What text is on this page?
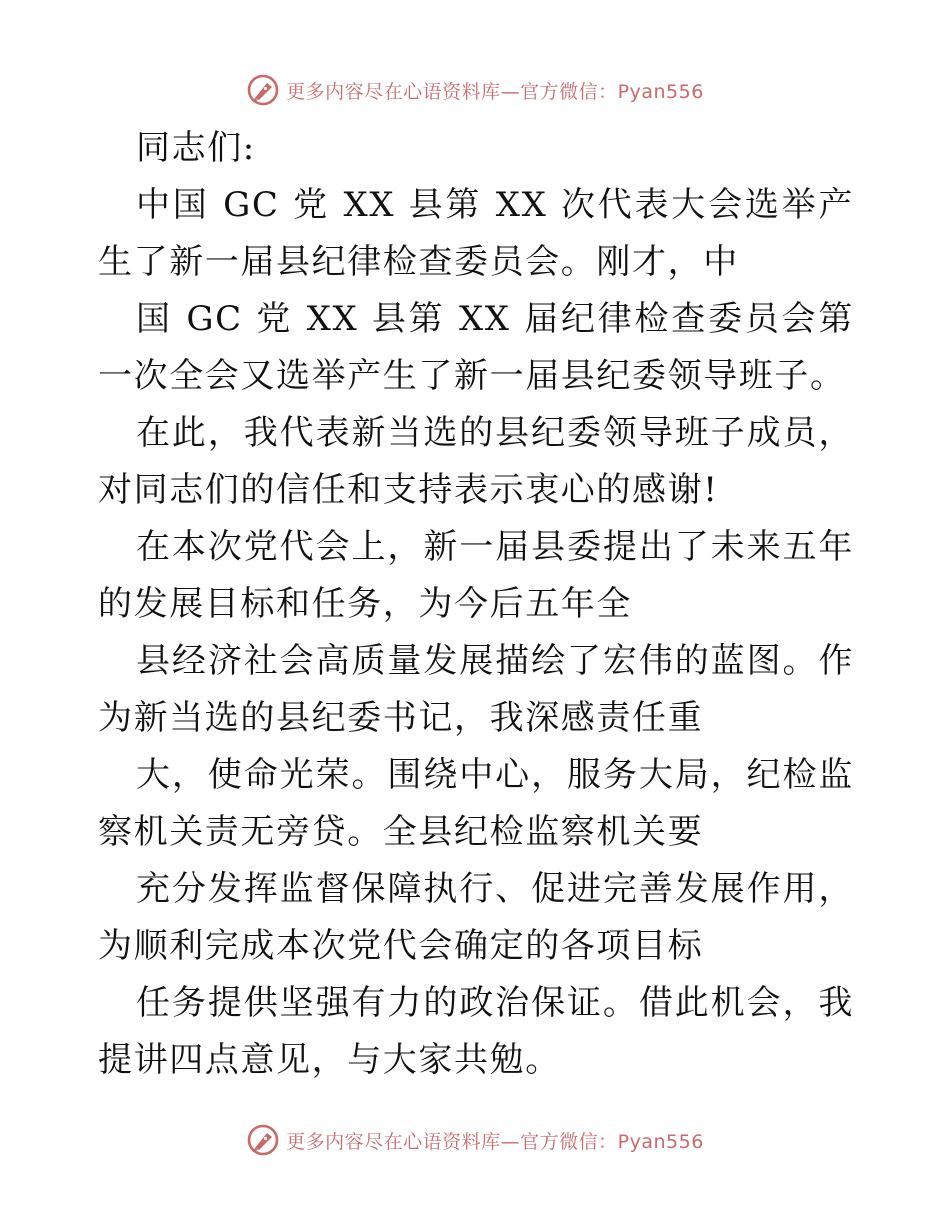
更多内容尽在心语资料库—官方微信：Pyan556

同志们:

中国 GC 党 XX 县第 XX 次代表大会选举产生了新一届县纪律检查委员会。刚才，中

国 GC 党 XX 县第 XX 届纪律检查委员会第一次全会又选举产生了新一届县纪委领导班子。

在此，我代表新当选的县纪委领导班子成员，对同志们的信任和支持表示衷心的感谢!

在本次党代会上，新一届县委提出了未来五年的发展目标和任务，为今后五年全

县经济社会高质量发展描绘了宏伟的蓝图。作为新当选的县纪委书记，我深感责任重

大，使命光荣。围绕中心，服务大局，纪检监察机关责无旁贷。全县纪检监察机关要

充分发挥监督保障执行、促进完善发展作用，为顺利完成本次党代会确定的各项目标

任务提供坚强有力的政治保证。借此机会，我提讲四点意见，与大家共勉。

更多内容尽在心语资料库—官方微信：Pyan556
